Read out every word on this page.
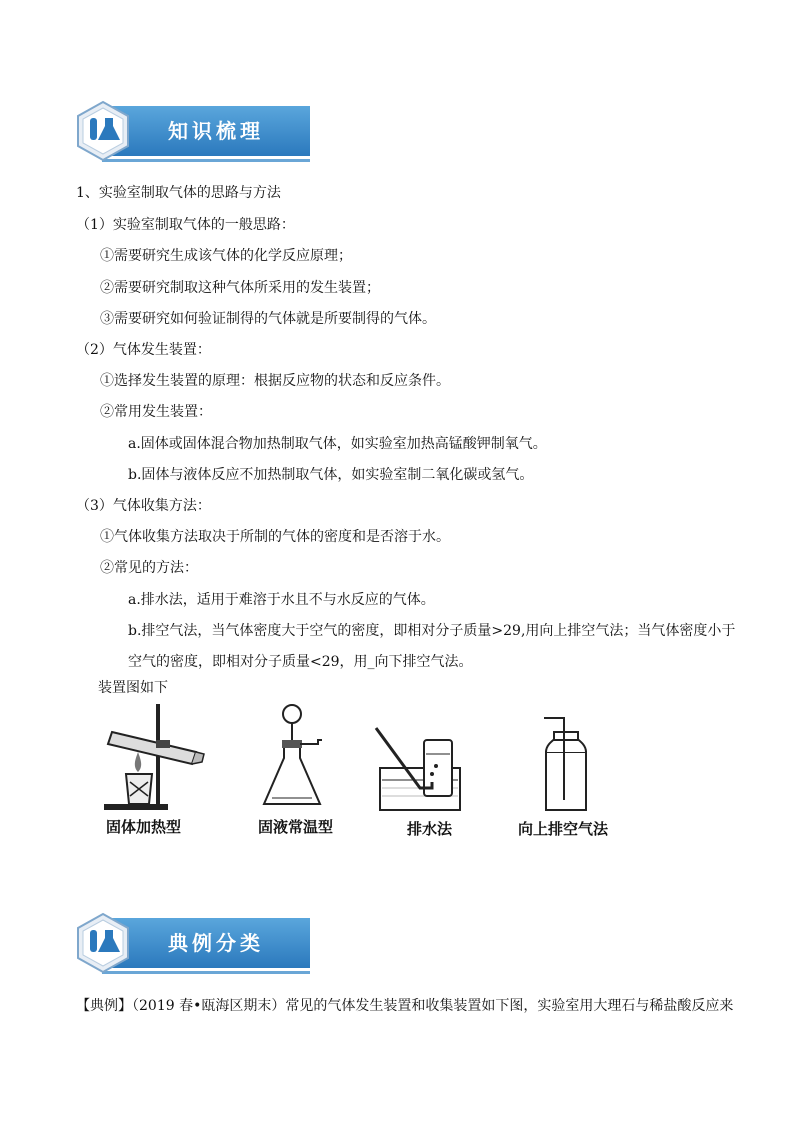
知识梳理
1、实验室制取气体的思路与方法
（1）实验室制取气体的一般思路：
①需要研究生成该气体的化学反应原理；
②需要研究制取这种气体所采用的发生装置；
③需要研究如何验证制得的气体就是所要制得的气体。
（2）气体发生装置：
①选择发生装置的原理：根据反应物的状态和反应条件。
②常用发生装置：
a.固体或固体混合物加热制取气体，如实验室加热高锰酸钾制氧气。
b.固体与液体反应不加热制取气体，如实验室制二氧化碳或氢气。
（3）气体收集方法：
①气体收集方法取决于所制的气体的密度和是否溶于水。
②常见的方法：
a.排水法，适用于难溶于水且不与水反应的气体。
b.排空气法，当气体密度大于空气的密度，即相对分子质量>29,用向上排空气法；当气体密度小于
空气的密度，即相对分子质量<29，用_向下排空气法。
装置图如下
固体加热型	固液常温型	排水法	向上排空气法
典例分类
【典例】（2019 春•瓯海区期末）常见的气体发生装置和收集装置如下图，实验室用大理石与稀盐酸反应来
